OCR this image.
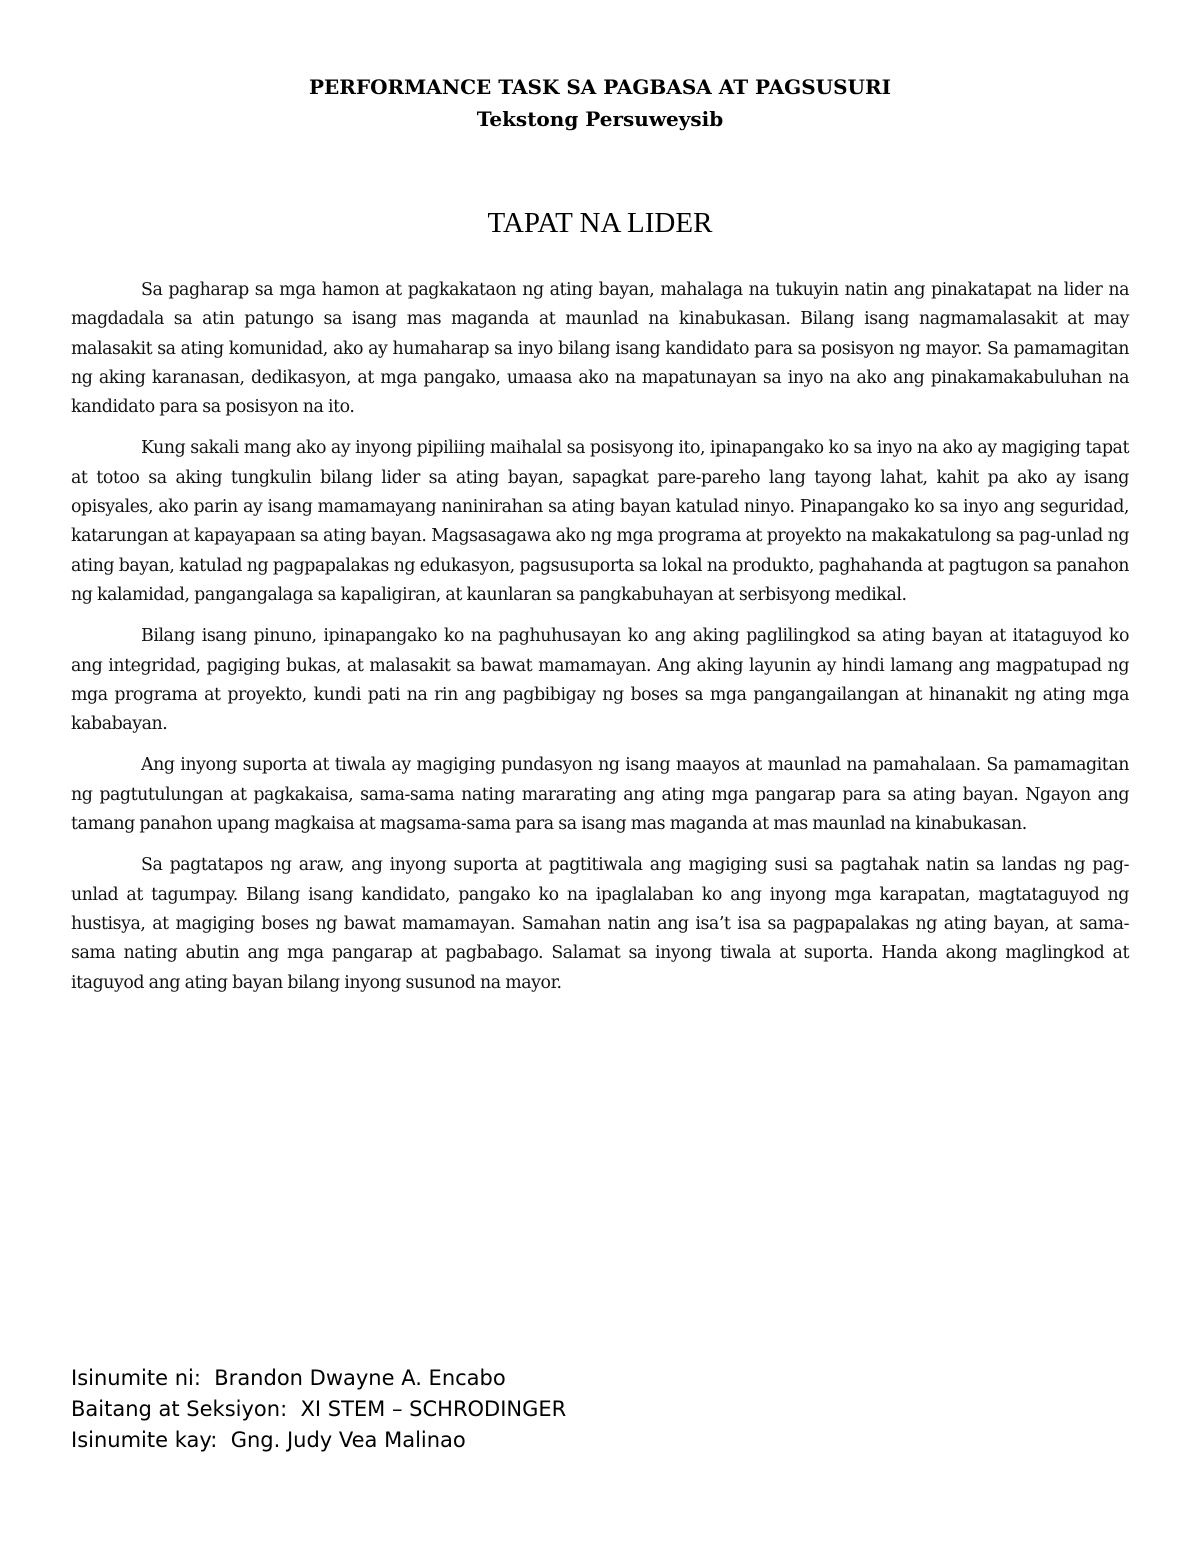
PERFORMANCE TASK SA PAGBASA AT PAGSUSURI

Tekstong Persuweysib

TAPAT NA LIDER

Sa pagharap sa mga hamon at pagkakataon ng ating bayan, mahalaga na tukuyin natin ang pinakatapat na lider na magdadala sa atin patungo sa isang mas maganda at maunlad na kinabukasan. Bilang isang nagmamalasakit at may malasakit sa ating komunidad, ako ay humaharap sa inyo bilang isang kandidato para sa posisyon ng mayor. Sa pamamagitan ng aking karanasan, dedikasyon, at mga pangako, umaasa ako na mapatunayan sa inyo na ako ang pinakamakabuluhan na kandidato para sa posisyon na ito.

Kung sakali mang ako ay inyong pipiliing maihalal sa posisyong ito, ipinapangako ko sa inyo na ako ay magiging tapat at totoo sa aking tungkulin bilang lider sa ating bayan, sapagkat pare-pareho lang tayong lahat, kahit pa ako ay isang opisyales, ako parin ay isang mamamayang naninirahan sa ating bayan katulad ninyo. Pinapangako ko sa inyo ang seguridad, katarungan at kapayapaan sa ating bayan. Magsasagawa ako ng mga programa at proyekto na makakatulong sa pag-unlad ng ating bayan, katulad ng pagpapalakas ng edukasyon, pagsusuporta sa lokal na produkto, paghahanda at pagtugon sa panahon ng kalamidad, pangangalaga sa kapaligiran, at kaunlaran sa pangkabuhayan at serbisyong medikal.

Bilang isang pinuno, ipinapangako ko na paghuhusayan ko ang aking paglilingkod sa ating bayan at itataguyod ko ang integridad, pagiging bukas, at malasakit sa bawat mamamayan. Ang aking layunin ay hindi lamang ang magpatupad ng mga programa at proyekto, kundi pati na rin ang pagbibigay ng boses sa mga pangangailangan at hinanakit ng ating mga kababayan.

Ang inyong suporta at tiwala ay magiging pundasyon ng isang maayos at maunlad na pamahalaan. Sa pamamagitan ng pagtutulungan at pagkakaisa, sama-sama nating mararating ang ating mga pangarap para sa ating bayan. Ngayon ang tamang panahon upang magkaisa at magsama-sama para sa isang mas maganda at mas maunlad na kinabukasan.

Sa pagtatapos ng araw, ang inyong suporta at pagtitiwala ang magiging susi sa pagtahak natin sa landas ng pag-unlad at tagumpay. Bilang isang kandidato, pangako ko na ipaglalaban ko ang inyong mga karapatan, magtataguyod ng hustisya, at magiging boses ng bawat mamamayan. Samahan natin ang isa’t isa sa pagpapalakas ng ating bayan, at sama-sama nating abutin ang mga pangarap at pagbabago. Salamat sa inyong tiwala at suporta. Handa akong maglingkod at itaguyod ang ating bayan bilang inyong susunod na mayor.

Isinumite ni:  Brandon Dwayne A. Encabo

Baitang at Seksiyon:  XI STEM – SCHRODINGER

Isinumite kay:  Gng. Judy Vea Malinao
